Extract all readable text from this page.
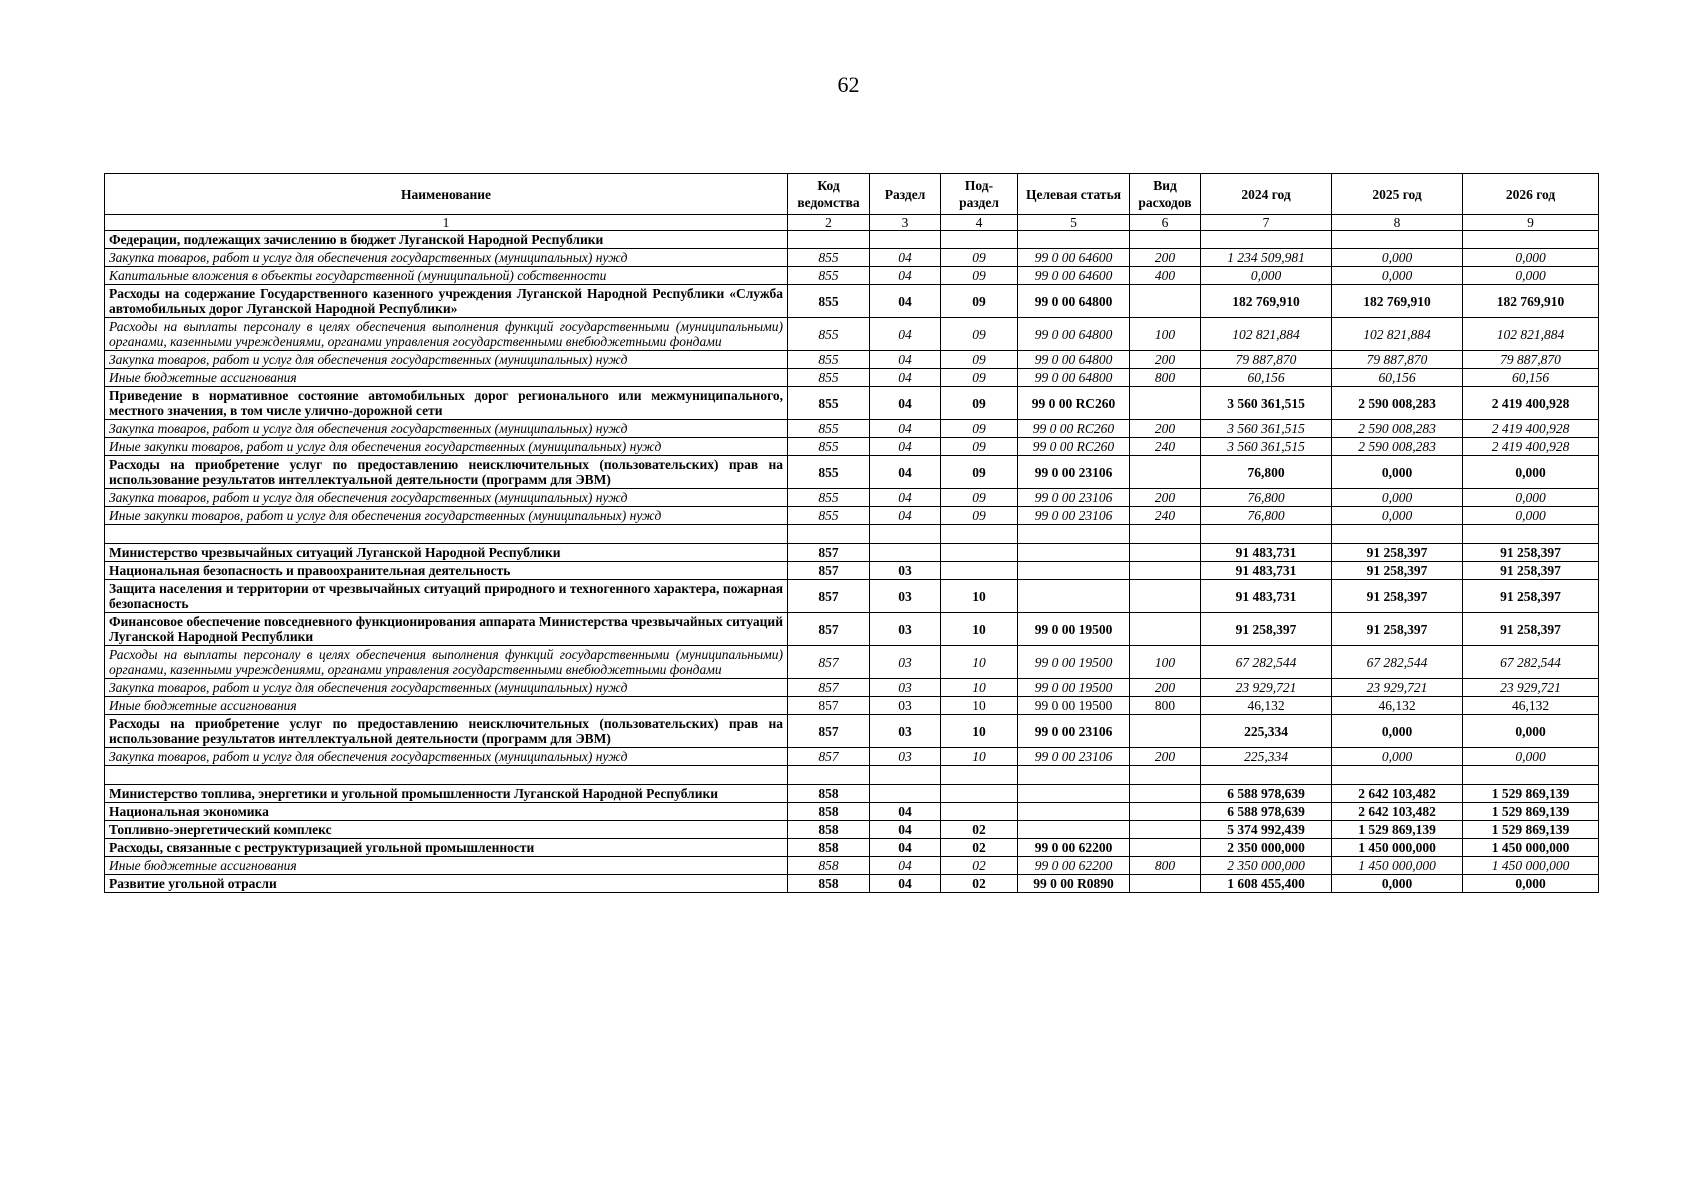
62
Наименование	Код ведомства	Раздел	Под-раздел	Целевая статья	Вид расходов	2024 год	2025 год	2026 год
1	2	3	4	5	6	7	8	9
Федерации, подлежащих зачислению в бюджет Луганской Народной Республики								
Закупка товаров, работ и услуг для обеспечения государственных (муниципальных) нужд	855	04	09	99 0 00 64600	200	1 234 509,981	0,000	0,000
Капитальные вложения в объекты государственной (муниципальной) собственности	855	04	09	99 0 00 64600	400	0,000	0,000	0,000
Расходы на содержание Государственного казенного учреждения Луганской Народной Республики «Служба автомобильных дорог Луганской Народной Республики»	855	04	09	99 0 00 64800		182 769,910	182 769,910	182 769,910
Расходы на выплаты персоналу в целях обеспечения выполнения функций государственными (муниципальными) органами, казенными учреждениями, органами управления государственными внебюджетными фондами	855	04	09	99 0 00 64800	100	102 821,884	102 821,884	102 821,884
Закупка товаров, работ и услуг для обеспечения государственных (муниципальных) нужд	855	04	09	99 0 00 64800	200	79 887,870	79 887,870	79 887,870
Иные бюджетные ассигнования	855	04	09	99 0 00 64800	800	60,156	60,156	60,156
Приведение в нормативное состояние автомобильных дорог регионального или межмуниципального, местного значения, в том числе улично-дорожной сети	855	04	09	99 0 00 RC260		3 560 361,515	2 590 008,283	2 419 400,928
Закупка товаров, работ и услуг для обеспечения государственных (муниципальных) нужд	855	04	09	99 0 00 RC260	200	3 560 361,515	2 590 008,283	2 419 400,928
Иные закупки товаров, работ и услуг для обеспечения государственных (муниципальных) нужд	855	04	09	99 0 00 RC260	240	3 560 361,515	2 590 008,283	2 419 400,928
Расходы на приобретение услуг по предоставлению неисключительных (пользовательских) прав на использование результатов интеллектуальной деятельности (программ для ЭВМ)	855	04	09	99 0 00 23106		76,800	0,000	0,000
Закупка товаров, работ и услуг для обеспечения государственных (муниципальных) нужд	855	04	09	99 0 00 23106	200	76,800	0,000	0,000
Иные закупки товаров, работ и услуг для обеспечения государственных (муниципальных) нужд	855	04	09	99 0 00 23106	240	76,800	0,000	0,000

Министерство чрезвычайных ситуаций Луганской Народной Республики	857					91 483,731	91 258,397	91 258,397
Национальная безопасность и правоохранительная деятельность	857	03				91 483,731	91 258,397	91 258,397
Защита населения и территории от чрезвычайных ситуаций природного и техногенного характера, пожарная безопасность	857	03	10			91 483,731	91 258,397	91 258,397
Финансовое обеспечение повседневного функционирования аппарата Министерства чрезвычайных ситуаций Луганской Народной Республики	857	03	10	99 0 00 19500		91 258,397	91 258,397	91 258,397
Расходы на выплаты персоналу в целях обеспечения выполнения функций государственными (муниципальными) органами, казенными учреждениями, органами управления государственными внебюджетными фондами	857	03	10	99 0 00 19500	100	67 282,544	67 282,544	67 282,544
Закупка товаров, работ и услуг для обеспечения государственных (муниципальных) нужд	857	03	10	99 0 00 19500	200	23 929,721	23 929,721	23 929,721
Иные бюджетные ассигнования	857	03	10	99 0 00 19500	800	46,132	46,132	46,132
Расходы на приобретение услуг по предоставлению неисключительных (пользовательских) прав на использование результатов интеллектуальной деятельности (программ для ЭВМ)	857	03	10	99 0 00 23106		225,334	0,000	0,000
Закупка товаров, работ и услуг для обеспечения государственных (муниципальных) нужд	857	03	10	99 0 00 23106	200	225,334	0,000	0,000

Министерство топлива, энергетики и угольной промышленности Луганской Народной Республики	858					6 588 978,639	2 642 103,482	1 529 869,139
Национальная экономика	858	04				6 588 978,639	2 642 103,482	1 529 869,139
Топливно-энергетический комплекс	858	04	02			5 374 992,439	1 529 869,139	1 529 869,139
Расходы, связанные с реструктуризацией угольной промышленности	858	04	02	99 0 00 62200		2 350 000,000	1 450 000,000	1 450 000,000
Иные бюджетные ассигнования	858	04	02	99 0 00 62200	800	2 350 000,000	1 450 000,000	1 450 000,000
Развитие угольной отрасли	858	04	02	99 0 00 R0890		1 608 455,400	0,000	0,000
